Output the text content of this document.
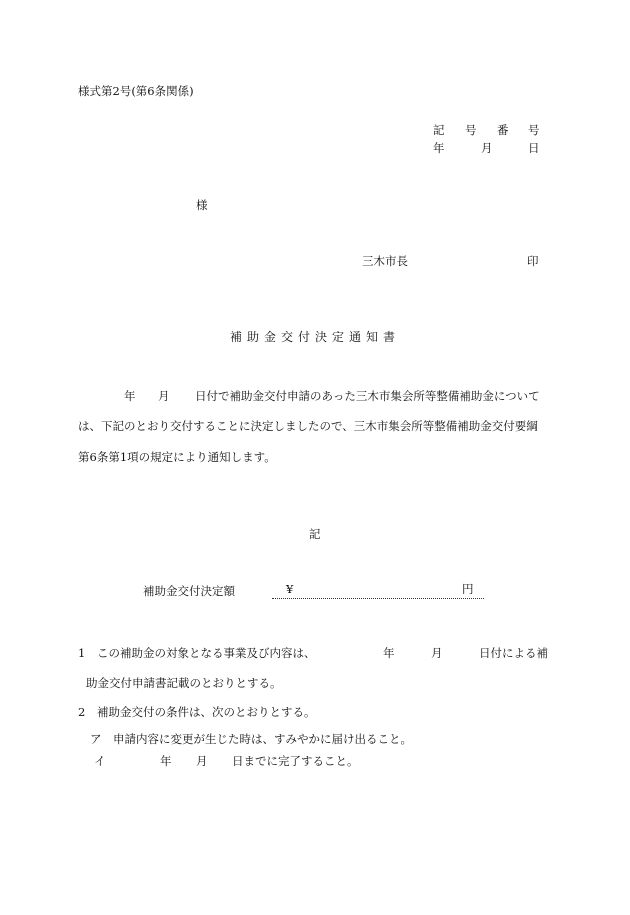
様式第2号(第6条関係)
記 号 番 号
年	月	日
様
三木市長	印
補助金交付決定通知書
年 月 日付で補助金交付申請のあった三木市集会所等整備補助金について
は、下記のとおり交付することに決定しましたので、三木市集会所等整備補助金交付要綱
第6条第1項の規定により通知します。
記
補助金交付決定額	¥	円
1 この補助金の対象となる事業及び内容は、	年	月	日付による補
助金交付申請書記載のとおりとする。
2 補助金交付の条件は、次のとおりとする。
ア 申請内容に変更が生じた時は、すみやかに届け出ること。
イ	年 月 日までに完了すること。
